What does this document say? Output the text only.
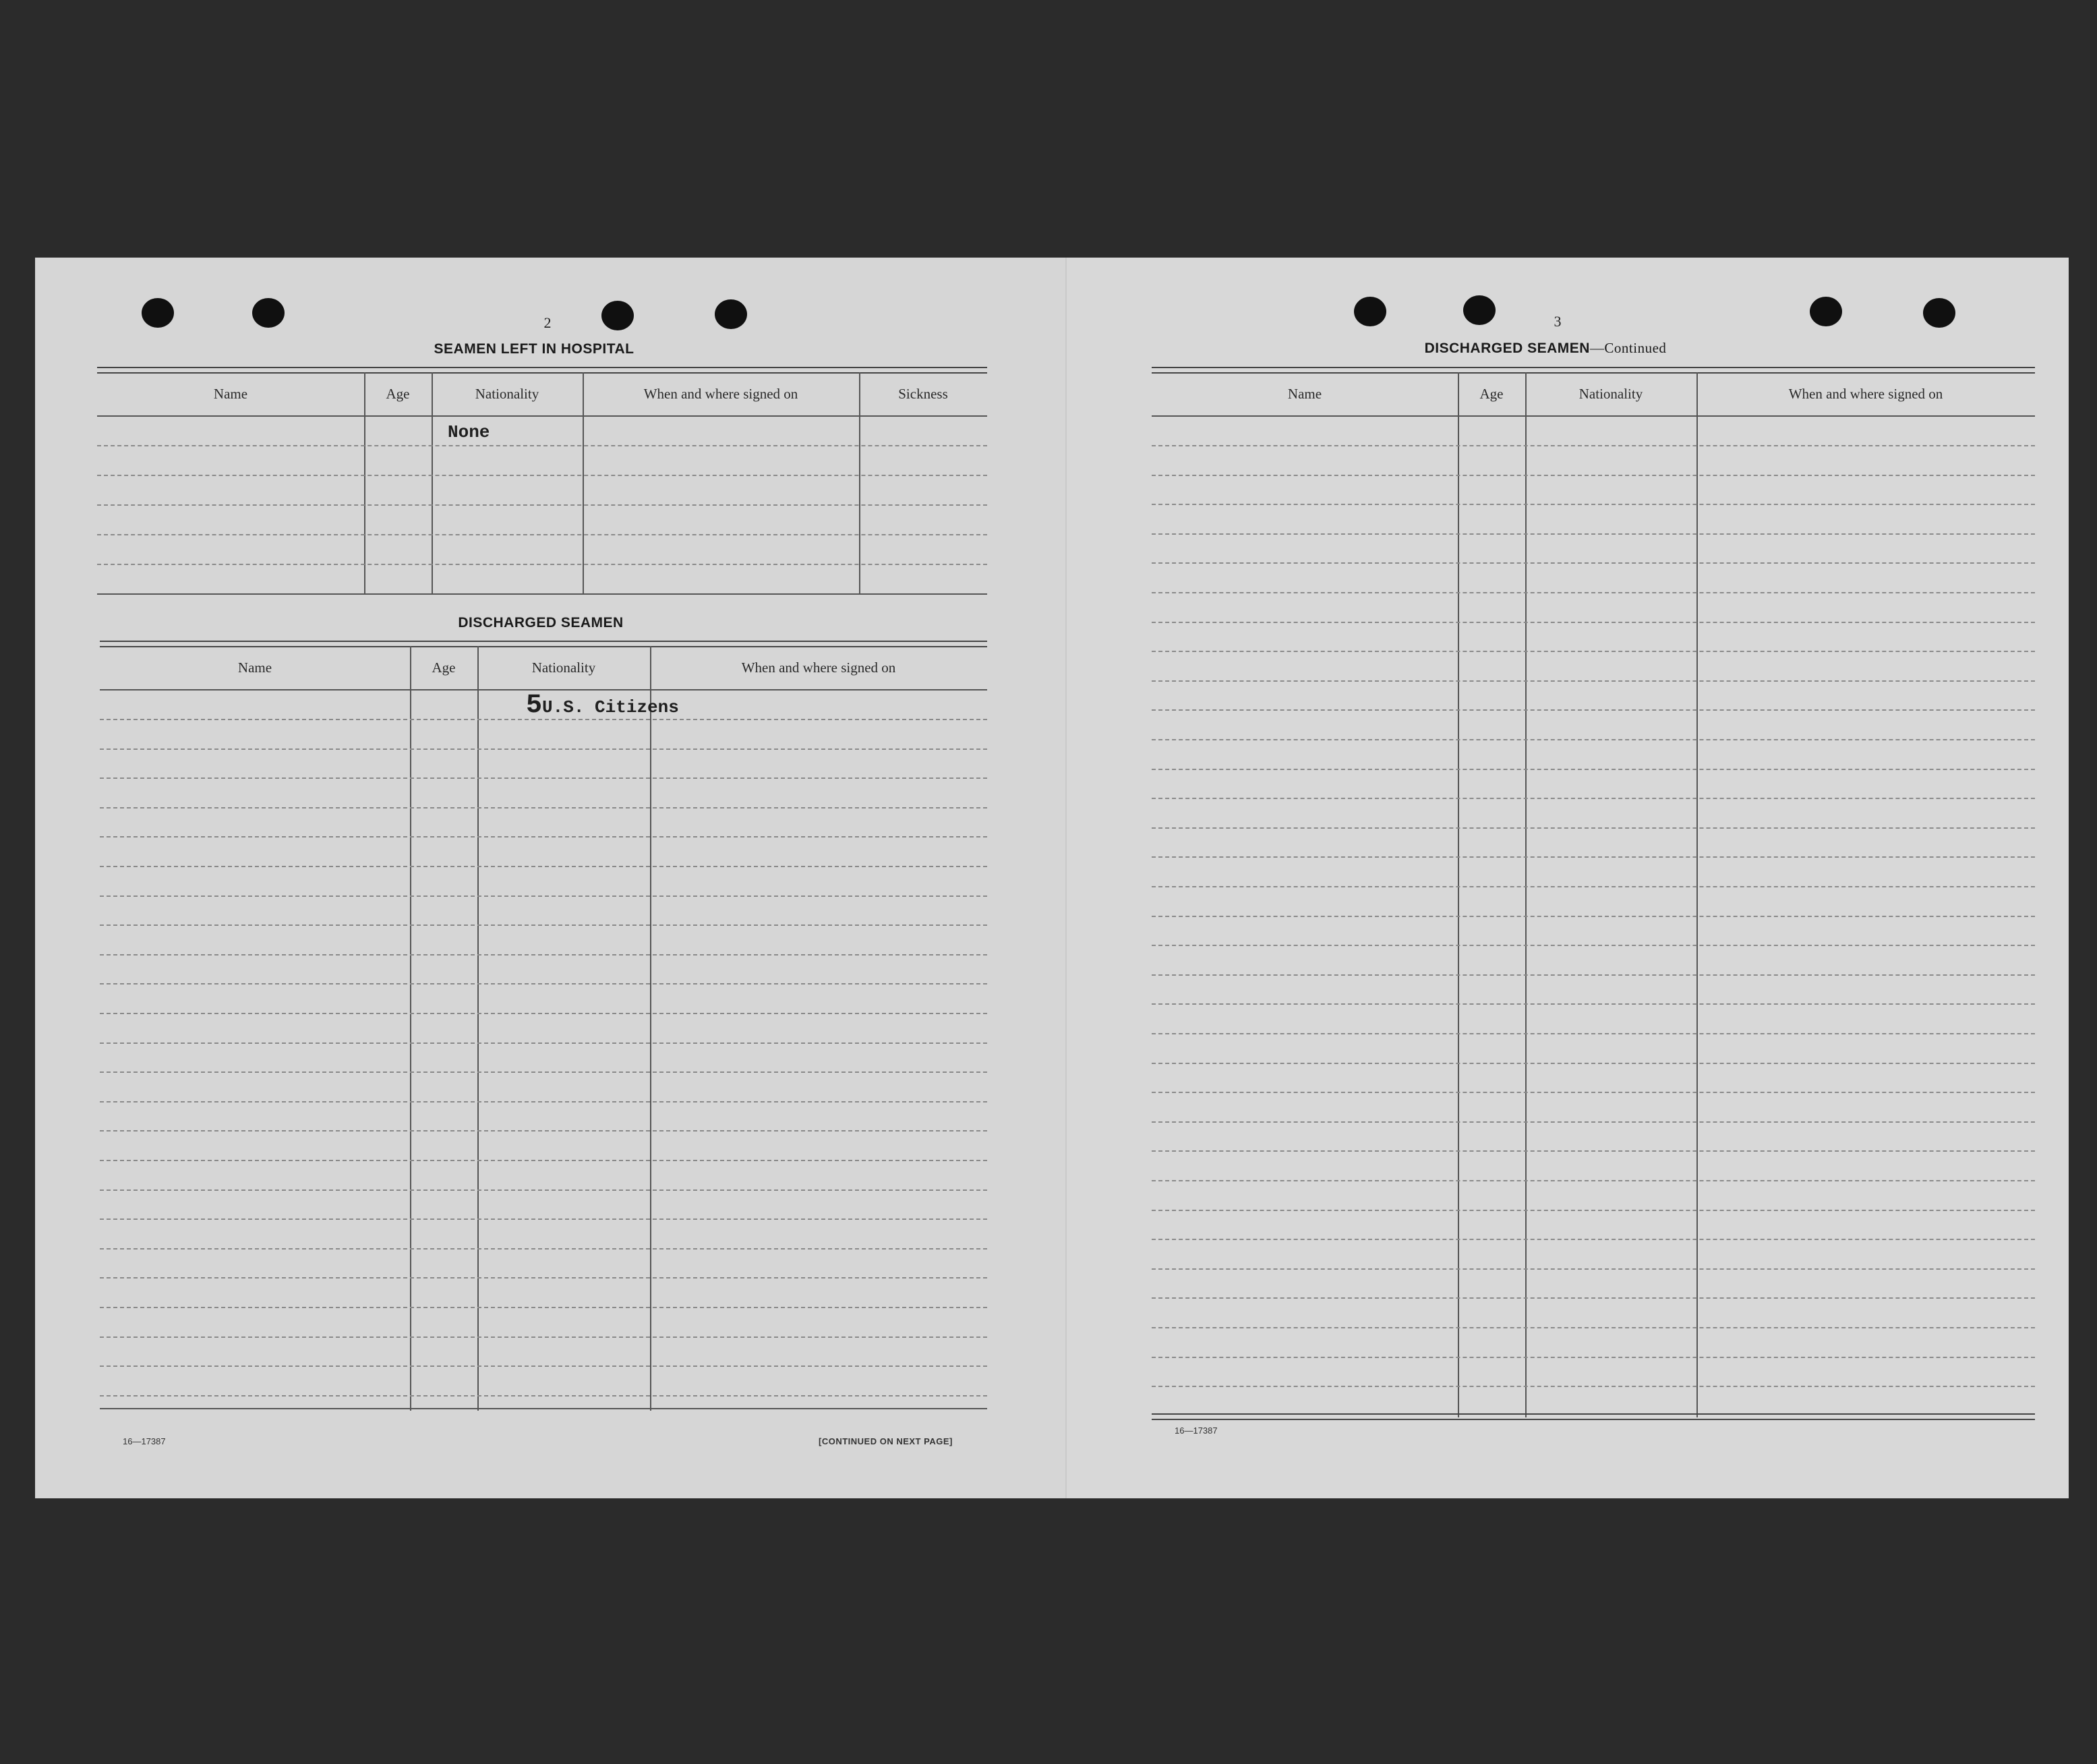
2
SEAMEN LEFT IN HOSPITAL
Name	Age	Nationality	When and where signed on	Sickness
None
DISCHARGED SEAMEN
Name	Age	Nationality	When and where signed on
5U.S. Citizens
16—17387	[CONTINUED ON NEXT PAGE]
3
DISCHARGED SEAMEN—Continued
Name	Age	Nationality	When and where signed on
16—17387
